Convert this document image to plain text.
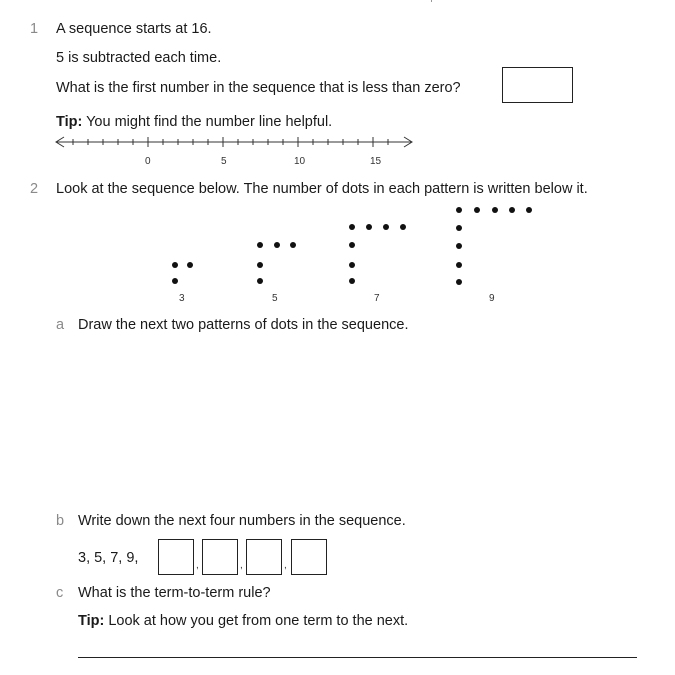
1 A sequence starts at 16.
5 is subtracted each time.
What is the first number in the sequence that is less than zero?
Tip: You might find the number line helpful.
0	5	10	15
2 Look at the sequence below. The number of dots in each pattern is written below it.
3	5	7	9
a Draw the next two patterns of dots in the sequence.
b Write down the next four numbers in the sequence.
3, 5, 7, 9,	,	,	,
c What is the term-to-term rule?
Tip: Look at how you get from one term to the next.
